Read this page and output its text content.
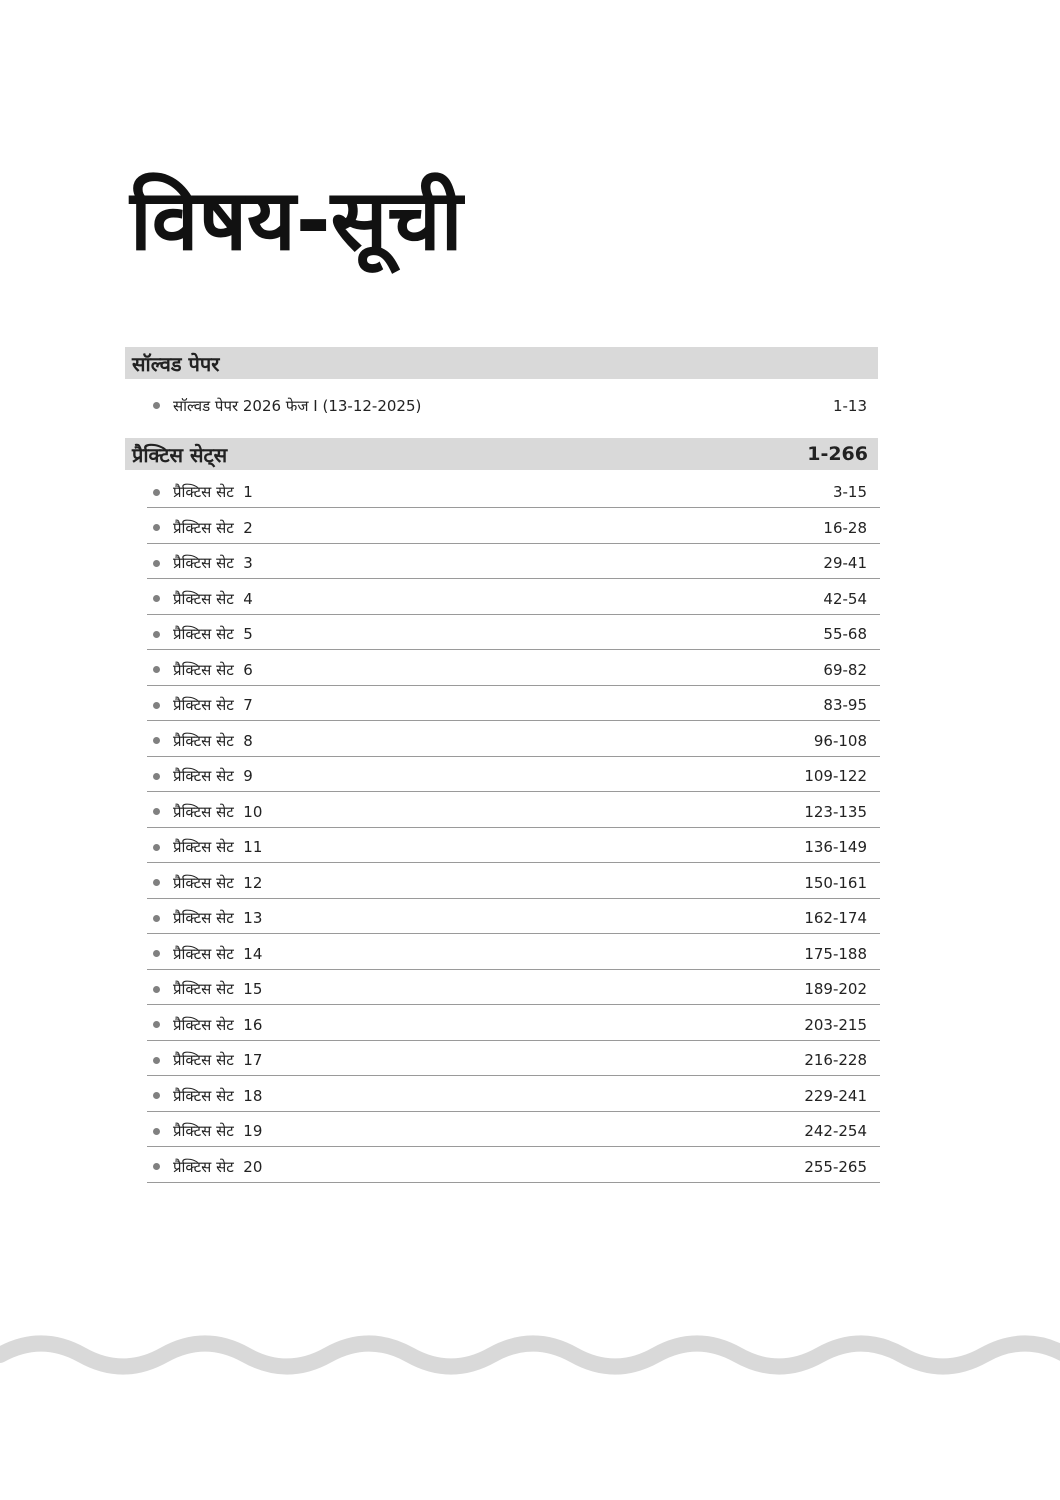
विषय-सूची
सॉल्वड पेपर
सॉल्वड पेपर 2026 फेज I (13-12-2025)	1-13
प्रैक्टिस सेट्स	1-266
प्रैक्टिस सेट  1	3-15
प्रैक्टिस सेट  2	16-28
प्रैक्टिस सेट  3	29-41
प्रैक्टिस सेट  4	42-54
प्रैक्टिस सेट  5	55-68
प्रैक्टिस सेट  6	69-82
प्रैक्टिस सेट  7	83-95
प्रैक्टिस सेट  8	96-108
प्रैक्टिस सेट  9	109-122
प्रैक्टिस सेट  10	123-135
प्रैक्टिस सेट  11	136-149
प्रैक्टिस सेट  12	150-161
प्रैक्टिस सेट  13	162-174
प्रैक्टिस सेट  14	175-188
प्रैक्टिस सेट  15	189-202
प्रैक्टिस सेट  16	203-215
प्रैक्टिस सेट  17	216-228
प्रैक्टिस सेट  18	229-241
प्रैक्टिस सेट  19	242-254
प्रैक्टिस सेट  20	255-265
